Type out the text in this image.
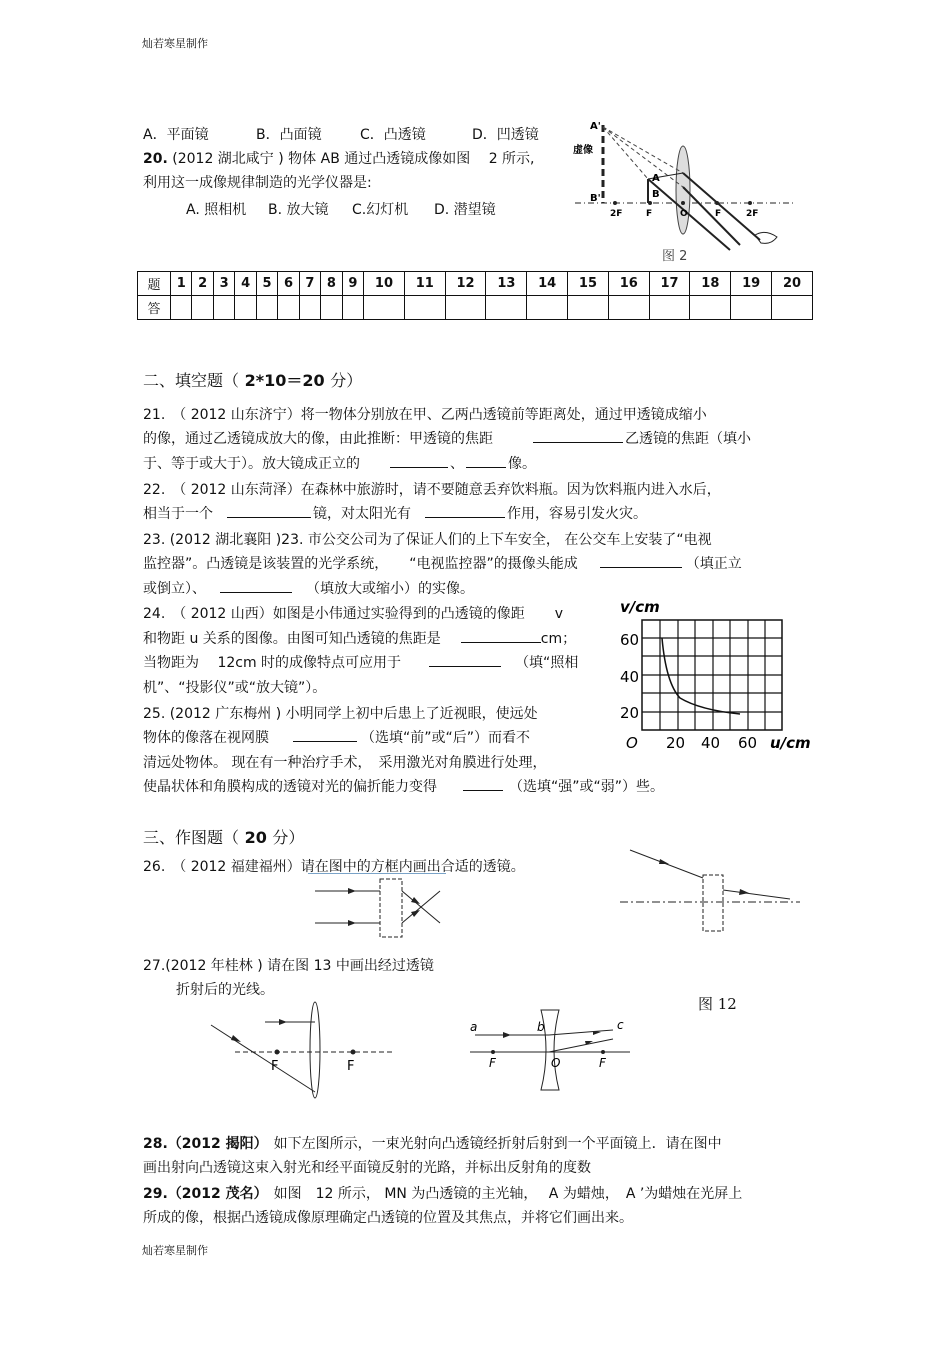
灿若寒星制作
灿若寒星制作
A．平面镜	B．凸面镜	C．凸透镜	D．凹透镜
20. (2012 湖北咸宁 ) 物体 AB 通过凸透镜成像如图　 2 所示,
利用这一成像规律制造的光学仪器是:
A. 照相机 B. 放大镜 C.幻灯机 D. 潜望镜
虚像
A'
B'
A
B
2F	F	O	F	2F
图 2
题	1	2	3	4	5	6	7	8	9	10	11	12	13	14	15	16	17	18	19	20
答																				
二、填空题（ 2*10＝20 分）
21.　（ 2012 山东济宁）将一物体分别放在甲、乙两凸透镜前等距离处，通过甲透镜成缩小
的像，通过乙透镜成放大的像，由此推断：甲透镜的焦距	乙透镜的焦距（填小
于、等于或大于）。放大镜成正立的	、	像。
22.　（ 2012 山东菏泽）在森林中旅游时，请不要随意丢弃饮料瓶。因为饮料瓶内进入水后，
相当于一个	镜，对太阳光有	作用，容易引发火灾。
23. (2012 湖北襄阳 )23. 市公交公司为了保证人们的上下车安全， 在公交车上安装了“电视
监控器”。凸透镜是该装置的光学系统，　　“电视监控器”的摄像头能成	（填正立
或倒立）、	（填放大或缩小）的实像。
24.　（ 2012 山西）如图是小伟通过实验得到的凸透镜的像距 v
和物距 u 关系的图像。由图可知凸透镜的焦距是	cm；
当物距为　 12cm 时的成像特点可应用于	（填“照相
机”、“投影仪”或“放大镜”）。
v/cm
60
40
20
O 20 40 60 u/cm
25. (2012 广东梅州 ) 小明同学上初中后患上了近视眼，使远处
物体的像落在视网膜	（选填“前”或“后”）而看不
清远处物体。 现在有一种治疗手术，　采用激光对角膜进行处理，
使晶状体和角膜构成的透镜对光的偏折能力变得	（选填“强”或“弱”）些。
三、作图题（ 20 分）
26.　（ 2012 福建福州）请在图中的方框内画出合适的透镜。
27.(2012 年桂林 ) 请在图 13 中画出经过透镜
折射后的光线。
图 12
F	F
a	b	c
O
F	F
28.（2012 揭阳） 如下左图所示，一束光射向凸透镜经折射后射到一个平面镜上．请在图中
画出射向凸透镜这束入射光和经平面镜反射的光路，并标出反射角的度数
29.（2012 茂名） 如图　12 所示， MN 为凸透镜的主光轴，　 A 为蜡烛，　A ’为蜡烛在光屏上
所成的像，根据凸透镜成像原理确定凸透镜的位置及其焦点，并将它们画出来。
